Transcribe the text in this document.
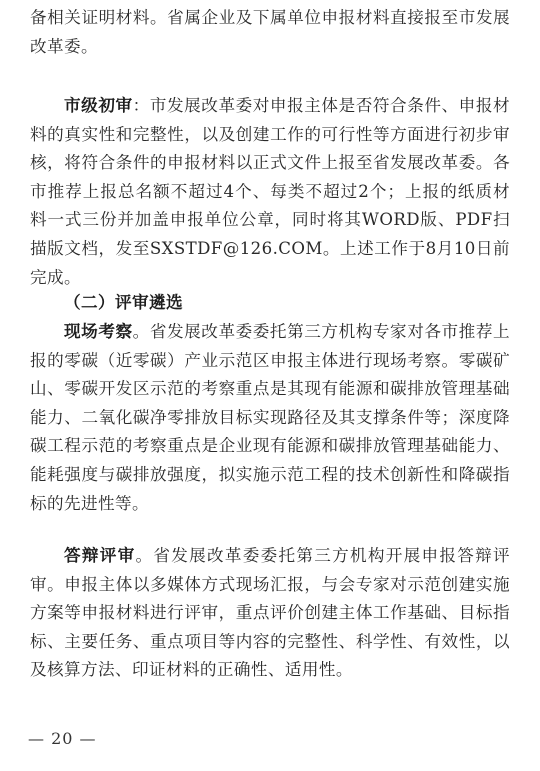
备相关证明材料。省属企业及下属单位申报材料直接报至市发展改革委。

市级初审：市发展改革委对申报主体是否符合条件、申报材料的真实性和完整性，以及创建工作的可行性等方面进行初步审核，将符合条件的申报材料以正式文件上报至省发展改革委。各市推荐上报总名额不超过4个、每类不超过2个；上报的纸质材料一式三份并加盖申报单位公章，同时将其WORD版、PDF扫描版文档，发至SXSTDF@126.COM。上述工作于8月10日前完成。

（二）评审遴选

现场考察。省发展改革委委托第三方机构专家对各市推荐上报的零碳（近零碳）产业示范区申报主体进行现场考察。零碳矿山、零碳开发区示范的考察重点是其现有能源和碳排放管理基础能力、二氧化碳净零排放目标实现路径及其支撑条件等；深度降碳工程示范的考察重点是企业现有能源和碳排放管理基础能力、能耗强度与碳排放强度，拟实施示范工程的技术创新性和降碳指标的先进性等。

答辩评审。省发展改革委委托第三方机构开展申报答辩评审。申报主体以多媒体方式现场汇报，与会专家对示范创建实施方案等申报材料进行评审，重点评价创建主体工作基础、目标指标、主要任务、重点项目等内容的完整性、科学性、有效性，以及核算方法、印证材料的正确性、适用性。

— 20 —
